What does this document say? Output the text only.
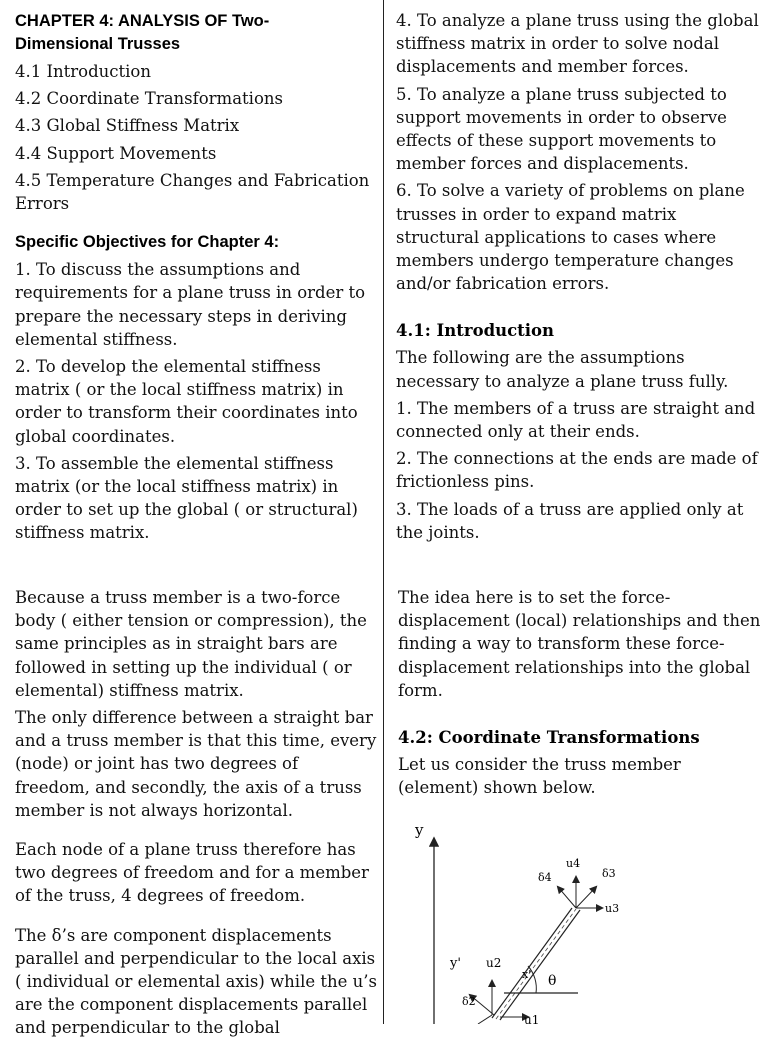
CHAPTER 4: ANALYSIS OF Two-Dimensional Trusses

4.1 Introduction

4.2 Coordinate Transformations

4.3 Global Stiffness Matrix

4.4 Support Movements

4.5 Temperature Changes and Fabrication Errors

Specific Objectives for Chapter 4:

1. To discuss the assumptions and requirements for a plane truss in order to prepare the necessary steps in deriving elemental stiffness.

2. To develop the elemental stiffness matrix ( or the local stiffness matrix) in order to transform their coordinates into global coordinates.

3. To assemble the elemental stiffness matrix (or the local stiffness matrix) in order to set up the global ( or structural) stiffness matrix.

4. To analyze a plane truss using the global stiffness matrix in order to solve nodal displacements and member forces.

5. To analyze a plane truss subjected to support movements in order to observe effects of these support movements to member forces and displacements.

6. To solve a variety of problems on plane trusses in order to expand matrix structural applications to cases where members undergo temperature changes and/or fabrication errors.

4.1: Introduction

The following are the assumptions necessary to analyze a plane truss fully.

1. The members of a truss are straight and connected only at their ends.

2. The connections at the ends are made of frictionless pins.

3. The loads of a truss are applied only at the joints.

Because a truss member is a two-force body ( either tension or compression), the same principles as in straight bars are followed in setting up the individual ( or elemental) stiffness matrix.

The only difference between a straight bar and a truss member is that this time, every (node) or joint has two degrees of freedom, and secondly, the axis of a truss member is not always horizontal.

Each node of a plane truss therefore has two degrees of freedom and for a member of the truss, 4 degrees of freedom.

The δ’s are component displacements parallel and perpendicular to the local axis ( individual or elemental axis) while the u’s are the component displacements parallel and perpendicular to the global

The idea here is to set the force-displacement (local) relationships and then finding a way to transform these force-displacement relationships into the global form.

4.2: Coordinate Transformations

Let us consider the truss member (element) shown below.

y
x' θ
y' u2
δ2
u1
u3
u4
δ3
δ4
